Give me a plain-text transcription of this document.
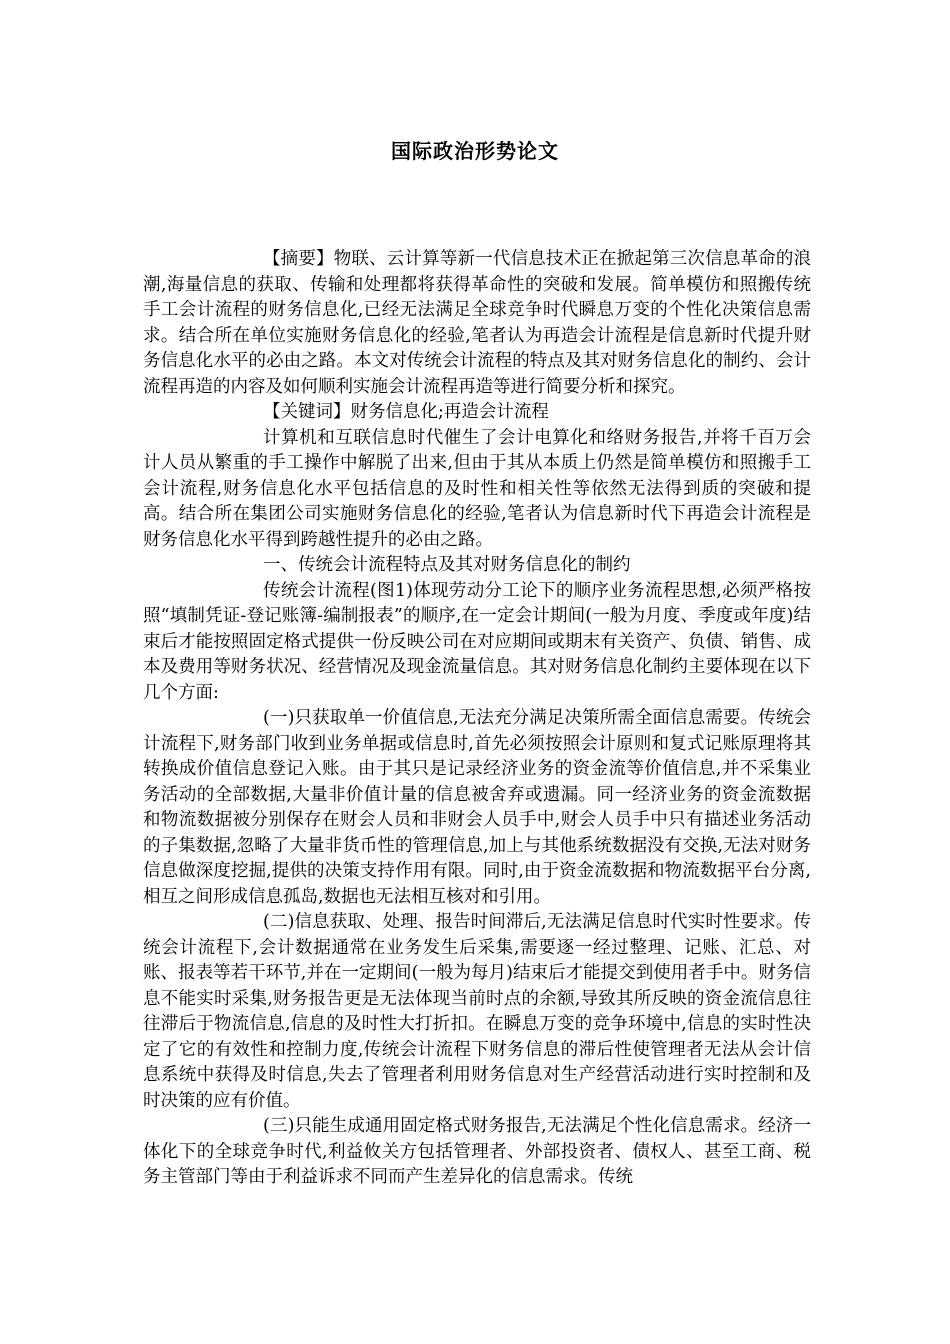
国际政治形势论文

【摘要】物联、云计算等新一代信息技术正在掀起第三次信息革命的浪潮,海量信息的获取、传输和处理都将获得革命性的突破和发展。简单模仿和照搬传统手工会计流程的财务信息化,已经无法满足全球竞争时代瞬息万变的个性化决策信息需求。结合所在单位实施财务信息化的经验,笔者认为再造会计流程是信息新时代提升财务信息化水平的必由之路。本文对传统会计流程的特点及其对财务信息化的制约、会计流程再造的内容及如何顺利实施会计流程再造等进行简要分析和探究。

【关键词】财务信息化;再造会计流程

计算机和互联信息时代催生了会计电算化和络财务报告,并将千百万会计人员从繁重的手工操作中解脱了出来,但由于其从本质上仍然是简单模仿和照搬手工会计流程,财务信息化水平包括信息的及时性和相关性等依然无法得到质的突破和提高。结合所在集团公司实施财务信息化的经验,笔者认为信息新时代下再造会计流程是财务信息化水平得到跨越性提升的必由之路。

一、传统会计流程特点及其对财务信息化的制约

传统会计流程(图1)体现劳动分工论下的顺序业务流程思想,必须严格按照“填制凭证-登记账簿-编制报表”的顺序,在一定会计期间(一般为月度、季度或年度)结束后才能按照固定格式提供一份反映公司在对应期间或期末有关资产、负债、销售、成本及费用等财务状况、经营情况及现金流量信息。其对财务信息化制约主要体现在以下几个方面:

(一)只获取单一价值信息,无法充分满足决策所需全面信息需要。传统会计流程下,财务部门收到业务单据或信息时,首先必须按照会计原则和复式记账原理将其转换成价值信息登记入账。由于其只是记录经济业务的资金流等价值信息,并不采集业务活动的全部数据,大量非价值计量的信息被舍弃或遗漏。同一经济业务的资金流数据和物流数据被分别保存在财会人员和非财会人员手中,财会人员手中只有描述业务活动的子集数据,忽略了大量非货币性的管理信息,加上与其他系统数据没有交换,无法对财务信息做深度挖掘,提供的决策支持作用有限。同时,由于资金流数据和物流数据平台分离,相互之间形成信息孤岛,数据也无法相互核对和引用。

(二)信息获取、处理、报告时间滞后,无法满足信息时代实时性要求。传统会计流程下,会计数据通常在业务发生后采集,需要逐一经过整理、记账、汇总、对账、报表等若干环节,并在一定期间(一般为每月)结束后才能提交到使用者手中。财务信息不能实时采集,财务报告更是无法体现当前时点的余额,导致其所反映的资金流信息往往滞后于物流信息,信息的及时性大打折扣。在瞬息万变的竞争环境中,信息的实时性决定了它的有效性和控制力度,传统会计流程下财务信息的滞后性使管理者无法从会计信息系统中获得及时信息,失去了管理者利用财务信息对生产经营活动进行实时控制和及时决策的应有价值。

(三)只能生成通用固定格式财务报告,无法满足个性化信息需求。经济一体化下的全球竞争时代,利益攸关方包括管理者、外部投资者、债权人、甚至工商、税务主管部门等由于利益诉求不同而产生差异化的信息需求。传统
